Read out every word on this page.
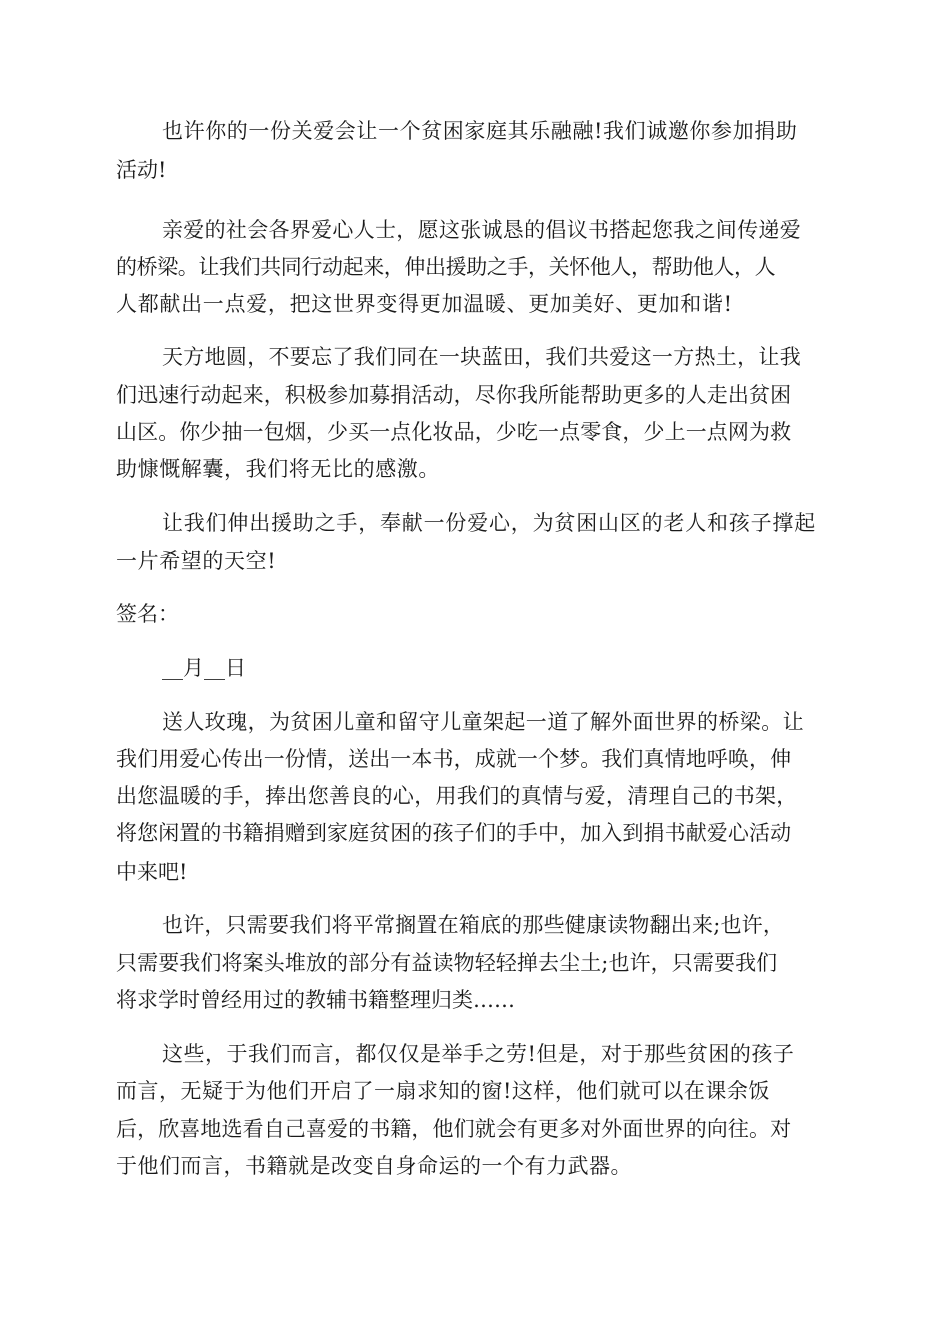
也许你的一份关爱会让一个贫困家庭其乐融融!我们诚邀你参加捐助

活动!

亲爱的社会各界爱心人士，愿这张诚恳的倡议书搭起您我之间传递爱

的桥梁。让我们共同行动起来，伸出援助之手，关怀他人，帮助他人，人

人都献出一点爱，把这世界变得更加温暖、更加美好、更加和谐!

天方地圆，不要忘了我们同在一块蓝田，我们共爱这一方热土，让我

们迅速行动起来，积极参加募捐活动，尽你我所能帮助更多的人走出贫困

山区。你少抽一包烟，少买一点化妆品，少吃一点零食，少上一点网为救

助慷慨解囊，我们将无比的感激。

让我们伸出援助之手，奉献一份爱心，为贫困山区的老人和孩子撑起

一片希望的天空!

签名：

__月__日

送人玫瑰，为贫困儿童和留守儿童架起一道了解外面世界的桥梁。让

我们用爱心传出一份情，送出一本书，成就一个梦。我们真情地呼唤，伸

出您温暖的手，捧出您善良的心，用我们的真情与爱，清理自己的书架，

将您闲置的书籍捐赠到家庭贫困的孩子们的手中，加入到捐书献爱心活动

中来吧!

也许，只需要我们将平常搁置在箱底的那些健康读物翻出来;也许，

只需要我们将案头堆放的部分有益读物轻轻掸去尘土;也许，只需要我们

将求学时曾经用过的教辅书籍整理归类……

这些，于我们而言，都仅仅是举手之劳!但是，对于那些贫困的孩子

而言，无疑于为他们开启了一扇求知的窗!这样，他们就可以在课余饭

后，欣喜地选看自己喜爱的书籍，他们就会有更多对外面世界的向往。对

于他们而言，书籍就是改变自身命运的一个有力武器。
